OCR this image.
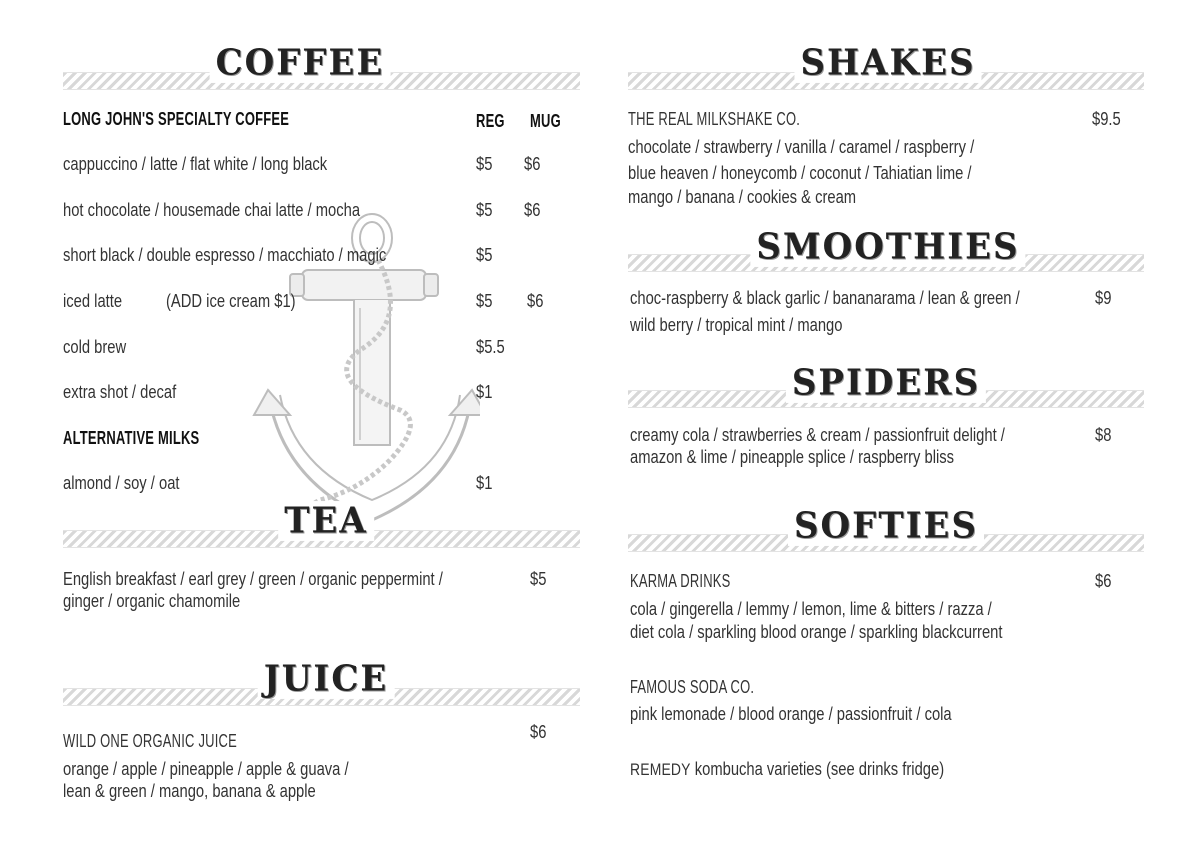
COFFEE
LONG JOHN'S SPECIALTY COFFEE	REG MUG
cappuccino / latte / flat white / long black	$5 $6
hot chocolate / housemade chai latte / mocha	$5 $6
short black / double espresso / macchiato / magic	$5
iced latte (ADD ice cream $1)	$5 $6
cold brew	$5.5
extra shot / decaf	$1
ALTERNATIVE MILKS
almond / soy / oat	$1
TEA
English breakfast / earl grey / green / organic peppermint /
ginger / organic chamomile
$5
JUICE
WILD ONE ORGANIC JUICE
orange / apple / pineapple / apple & guava /
lean & green / mango, banana & apple
$6
SHAKES
THE REAL MILKSHAKE CO.	$9.5
chocolate / strawberry / vanilla / caramel / raspberry /
blue heaven / honeycomb / coconut / Tahiatian lime /
mango / banana / cookies & cream
SMOOTHIES
choc-raspberry & black garlic / bananarama / lean & green /
wild berry / tropical mint / mango
$9
SPIDERS
creamy cola / strawberries & cream / passionfruit delight /
amazon & lime / pineapple splice / raspberry bliss
$8
SOFTIES
KARMA DRINKS	$6
cola / gingerella / lemmy / lemon, lime & bitters / razza /
diet cola / sparkling blood orange / sparkling blackcurrent
FAMOUS SODA CO.
pink lemonade / blood orange / passionfruit / cola
REMEDY kombucha varieties (see drinks fridge)
